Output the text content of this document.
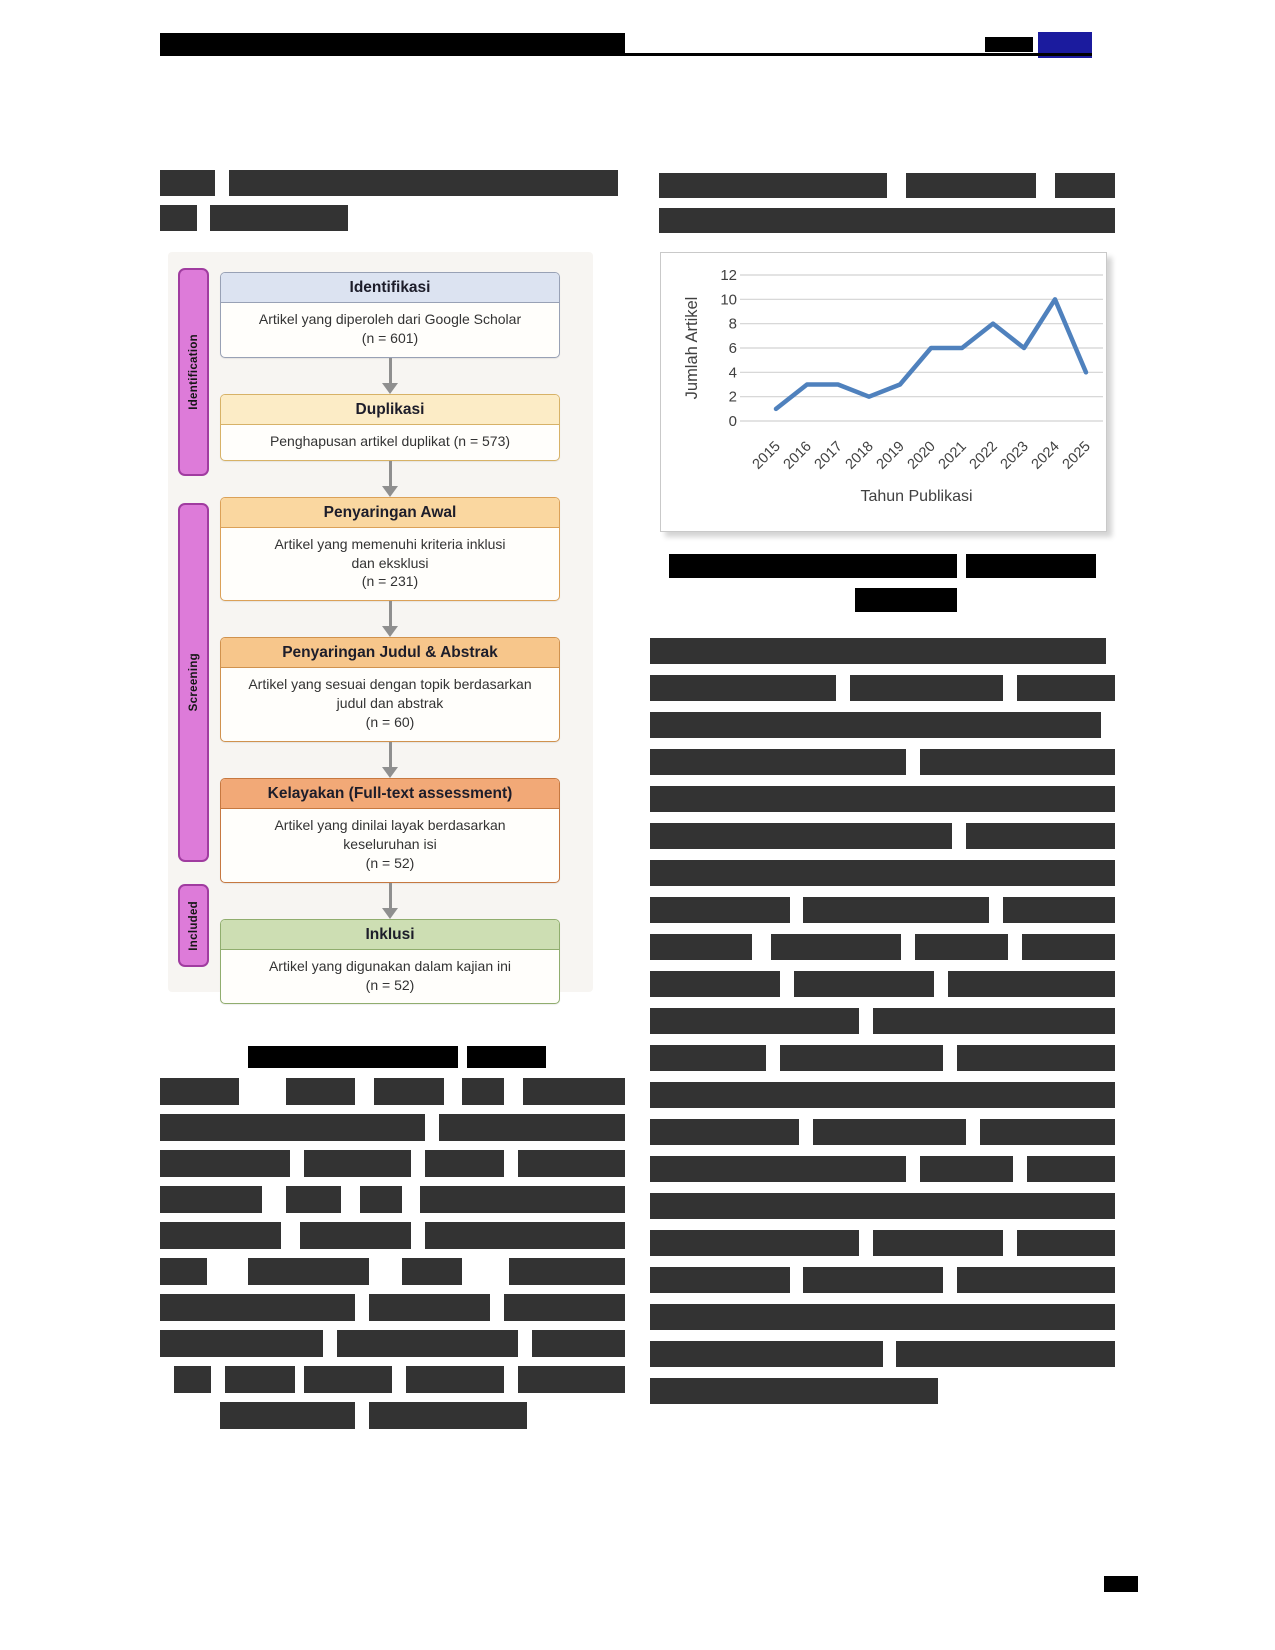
Identification
Screening
Included
Identifikasi
Artikel yang diperoleh dari Google Scholar
(n = 601)
Duplikasi
Penghapusan artikel duplikat (n = 573)
Penyaringan Awal
Artikel yang memenuhi kriteria inklusi
dan eksklusi
(n = 231)
Penyaringan Judul & Abstrak
Artikel yang sesuai dengan topik berdasarkan
judul dan abstrak
(n = 60)
Kelayakan (Full-text assessment)
Artikel yang dinilai layak berdasarkan
keseluruhan isi
(n = 52)
Inklusi
Artikel yang digunakan dalam kajian ini
(n = 52)
0
2
4
6
8
10
12
Jumlah Artikel
2015
2016
2017
2018
2019
2020
2021
2022
2023
2024
2025
Tahun Publikasi
